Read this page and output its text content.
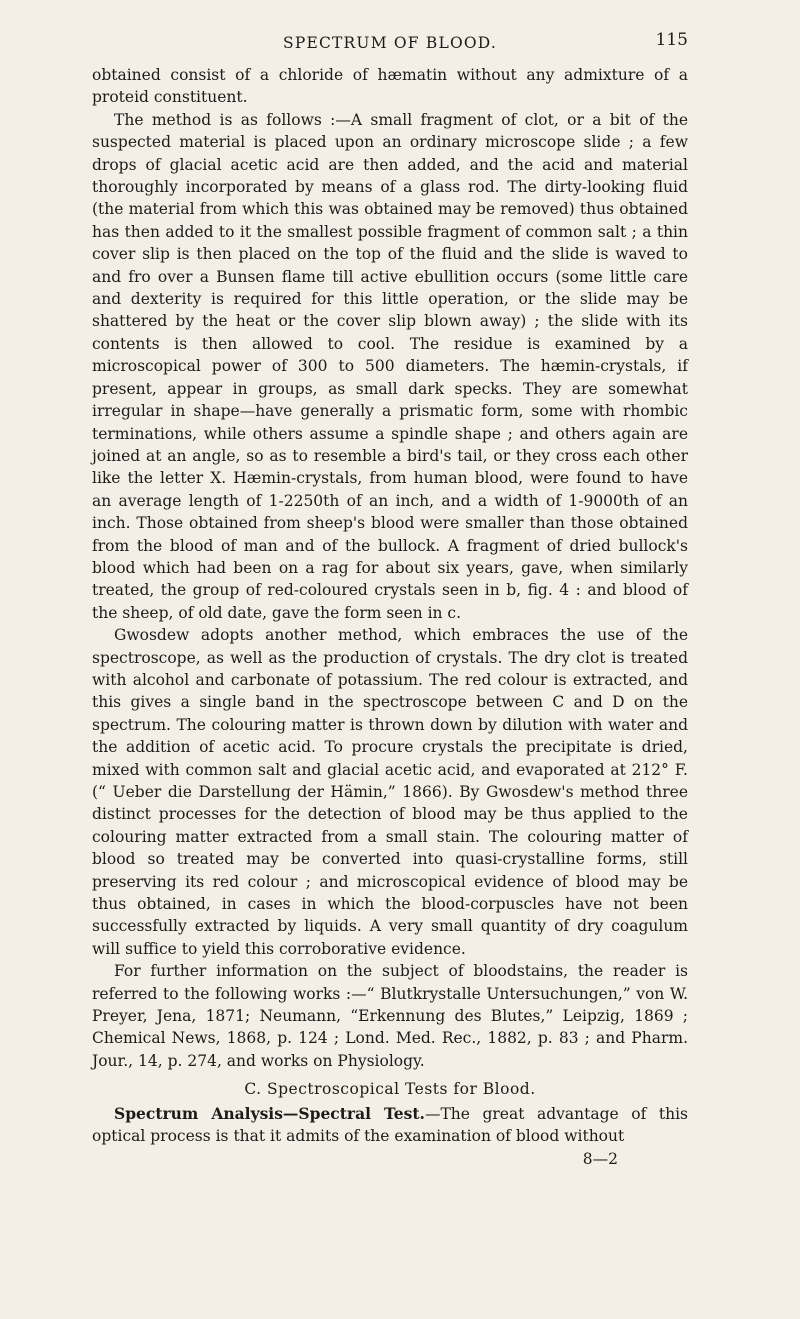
SPECTRUM OF BLOOD.	115

obtained consist of a chloride of hæmatin without any admixture of a proteid constituent.

The method is as follows :—A small fragment of clot, or a bit of the suspected material is placed upon an ordinary microscope slide ; a few drops of glacial acetic acid are then added, and the acid and material thoroughly incorporated by means of a glass rod. The dirty-looking fluid (the material from which this was obtained may be removed) thus obtained has then added to it the smallest possible fragment of common salt ; a thin cover slip is then placed on the top of the fluid and the slide is waved to and fro over a Bunsen flame till active ebullition occurs (some little care and dexterity is required for this little operation, or the slide may be shattered by the heat or the cover slip blown away) ; the slide with its contents is then allowed to cool. The residue is examined by a microscopical power of 300 to 500 diameters. The hæmin-crystals, if present, appear in groups, as small dark specks. They are somewhat irregular in shape—have generally a prismatic form, some with rhombic terminations, while others assume a spindle shape ; and others again are joined at an angle, so as to resemble a bird's tail, or they cross each other like the letter X. Hæmin-crystals, from human blood, were found to have an average length of 1-2250th of an inch, and a width of 1-9000th of an inch. Those obtained from sheep's blood were smaller than those obtained from the blood of man and of the bullock. A fragment of dried bullock's blood which had been on a rag for about six years, gave, when similarly treated, the group of red-coloured crystals seen in b, fig. 4 : and blood of the sheep, of old date, gave the form seen in c.

Gwosdew adopts another method, which embraces the use of the spectroscope, as well as the production of crystals. The dry clot is treated with alcohol and carbonate of potassium. The red colour is extracted, and this gives a single band in the spectroscope between C and D on the spectrum. The colouring matter is thrown down by dilution with water and the addition of acetic acid. To procure crystals the precipitate is dried, mixed with common salt and glacial acetic acid, and evaporated at 212° F. (“ Ueber die Darstellung der Hämin,” 1866). By Gwosdew's method three distinct processes for the detection of blood may be thus applied to the colouring matter extracted from a small stain. The colouring matter of blood so treated may be converted into quasi-crystalline forms, still preserving its red colour ; and microscopical evidence of blood may be thus obtained, in cases in which the blood-corpuscles have not been successfully extracted by liquids. A very small quantity of dry coagulum will suffice to yield this corroborative evidence.

For further information on the subject of bloodstains, the reader is referred to the following works :—“ Blutkrystalle Untersuchungen,” von W. Preyer, Jena, 1871; Neumann, “Erkennung des Blutes,” Leipzig, 1869 ; Chemical News, 1868, p. 124 ; Lond. Med. Rec., 1882, p. 83 ; and Pharm. Jour., 14, p. 274, and works on Physiology.

C. Spectroscopical Tests for Blood.

Spectrum Analysis—Spectral Test.—The great advantage of this optical process is that it admits of the examination of blood without

8—2
